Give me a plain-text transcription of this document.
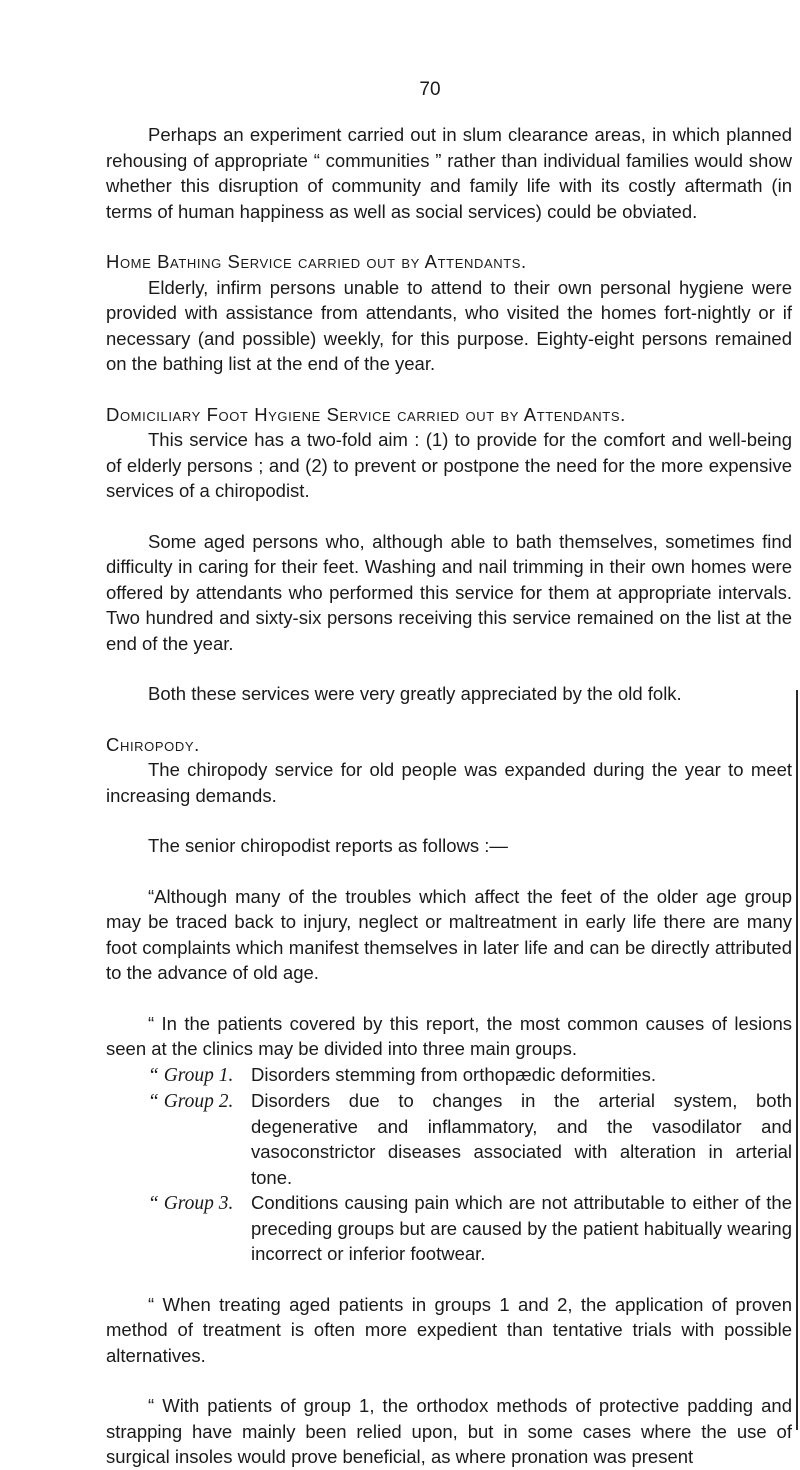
70

Perhaps an experiment carried out in slum clearance areas, in which planned rehousing of appropriate “ communities ” rather than individual families would show whether this disruption of community and family life with its costly aftermath (in terms of human happiness as well as social services) could be obviated.

Home Bathing Service carried out by Attendants.

Elderly, infirm persons unable to attend to their own personal hygiene were provided with assistance from attendants, who visited the homes fort-nightly or if necessary (and possible) weekly, for this purpose. Eighty-eight persons remained on the bathing list at the end of the year.

Domiciliary Foot Hygiene Service carried out by Attendants.

This service has a two-fold aim : (1) to provide for the comfort and well-being of elderly persons ; and (2) to prevent or postpone the need for the more expensive services of a chiropodist.

Some aged persons who, although able to bath themselves, sometimes find difficulty in caring for their feet. Washing and nail trimming in their own homes were offered by attendants who performed this service for them at appropriate intervals. Two hundred and sixty-six persons receiving this service remained on the list at the end of the year.

Both these services were very greatly appreciated by the old folk.

Chiropody.

The chiropody service for old people was expanded during the year to meet increasing demands.

The senior chiropodist reports as follows :—

“Although many of the troubles which affect the feet of the older age group may be traced back to injury, neglect or maltreatment in early life there are many foot complaints which manifest themselves in later life and can be directly attributed to the advance of old age.

“ In the patients covered by this report, the most common causes of lesions seen at the clinics may be divided into three main groups.

“ Group 1. Disorders stemming from orthopædic deformities.
“ Group 2. Disorders due to changes in the arterial system, both degenerative and inflammatory, and the vasodilator and vasoconstrictor diseases associated with alteration in arterial tone.
“ Group 3. Conditions causing pain which are not attributable to either of the preceding groups but are caused by the patient habitually wearing incorrect or inferior footwear.

“ When treating aged patients in groups 1 and 2, the application of proven method of treatment is often more expedient than tentative trials with possible alternatives.

“ With patients of group 1, the orthodox methods of protective padding and strapping have mainly been relied upon, but in some cases where the use of surgical insoles would prove beneficial, as where pronation was present
